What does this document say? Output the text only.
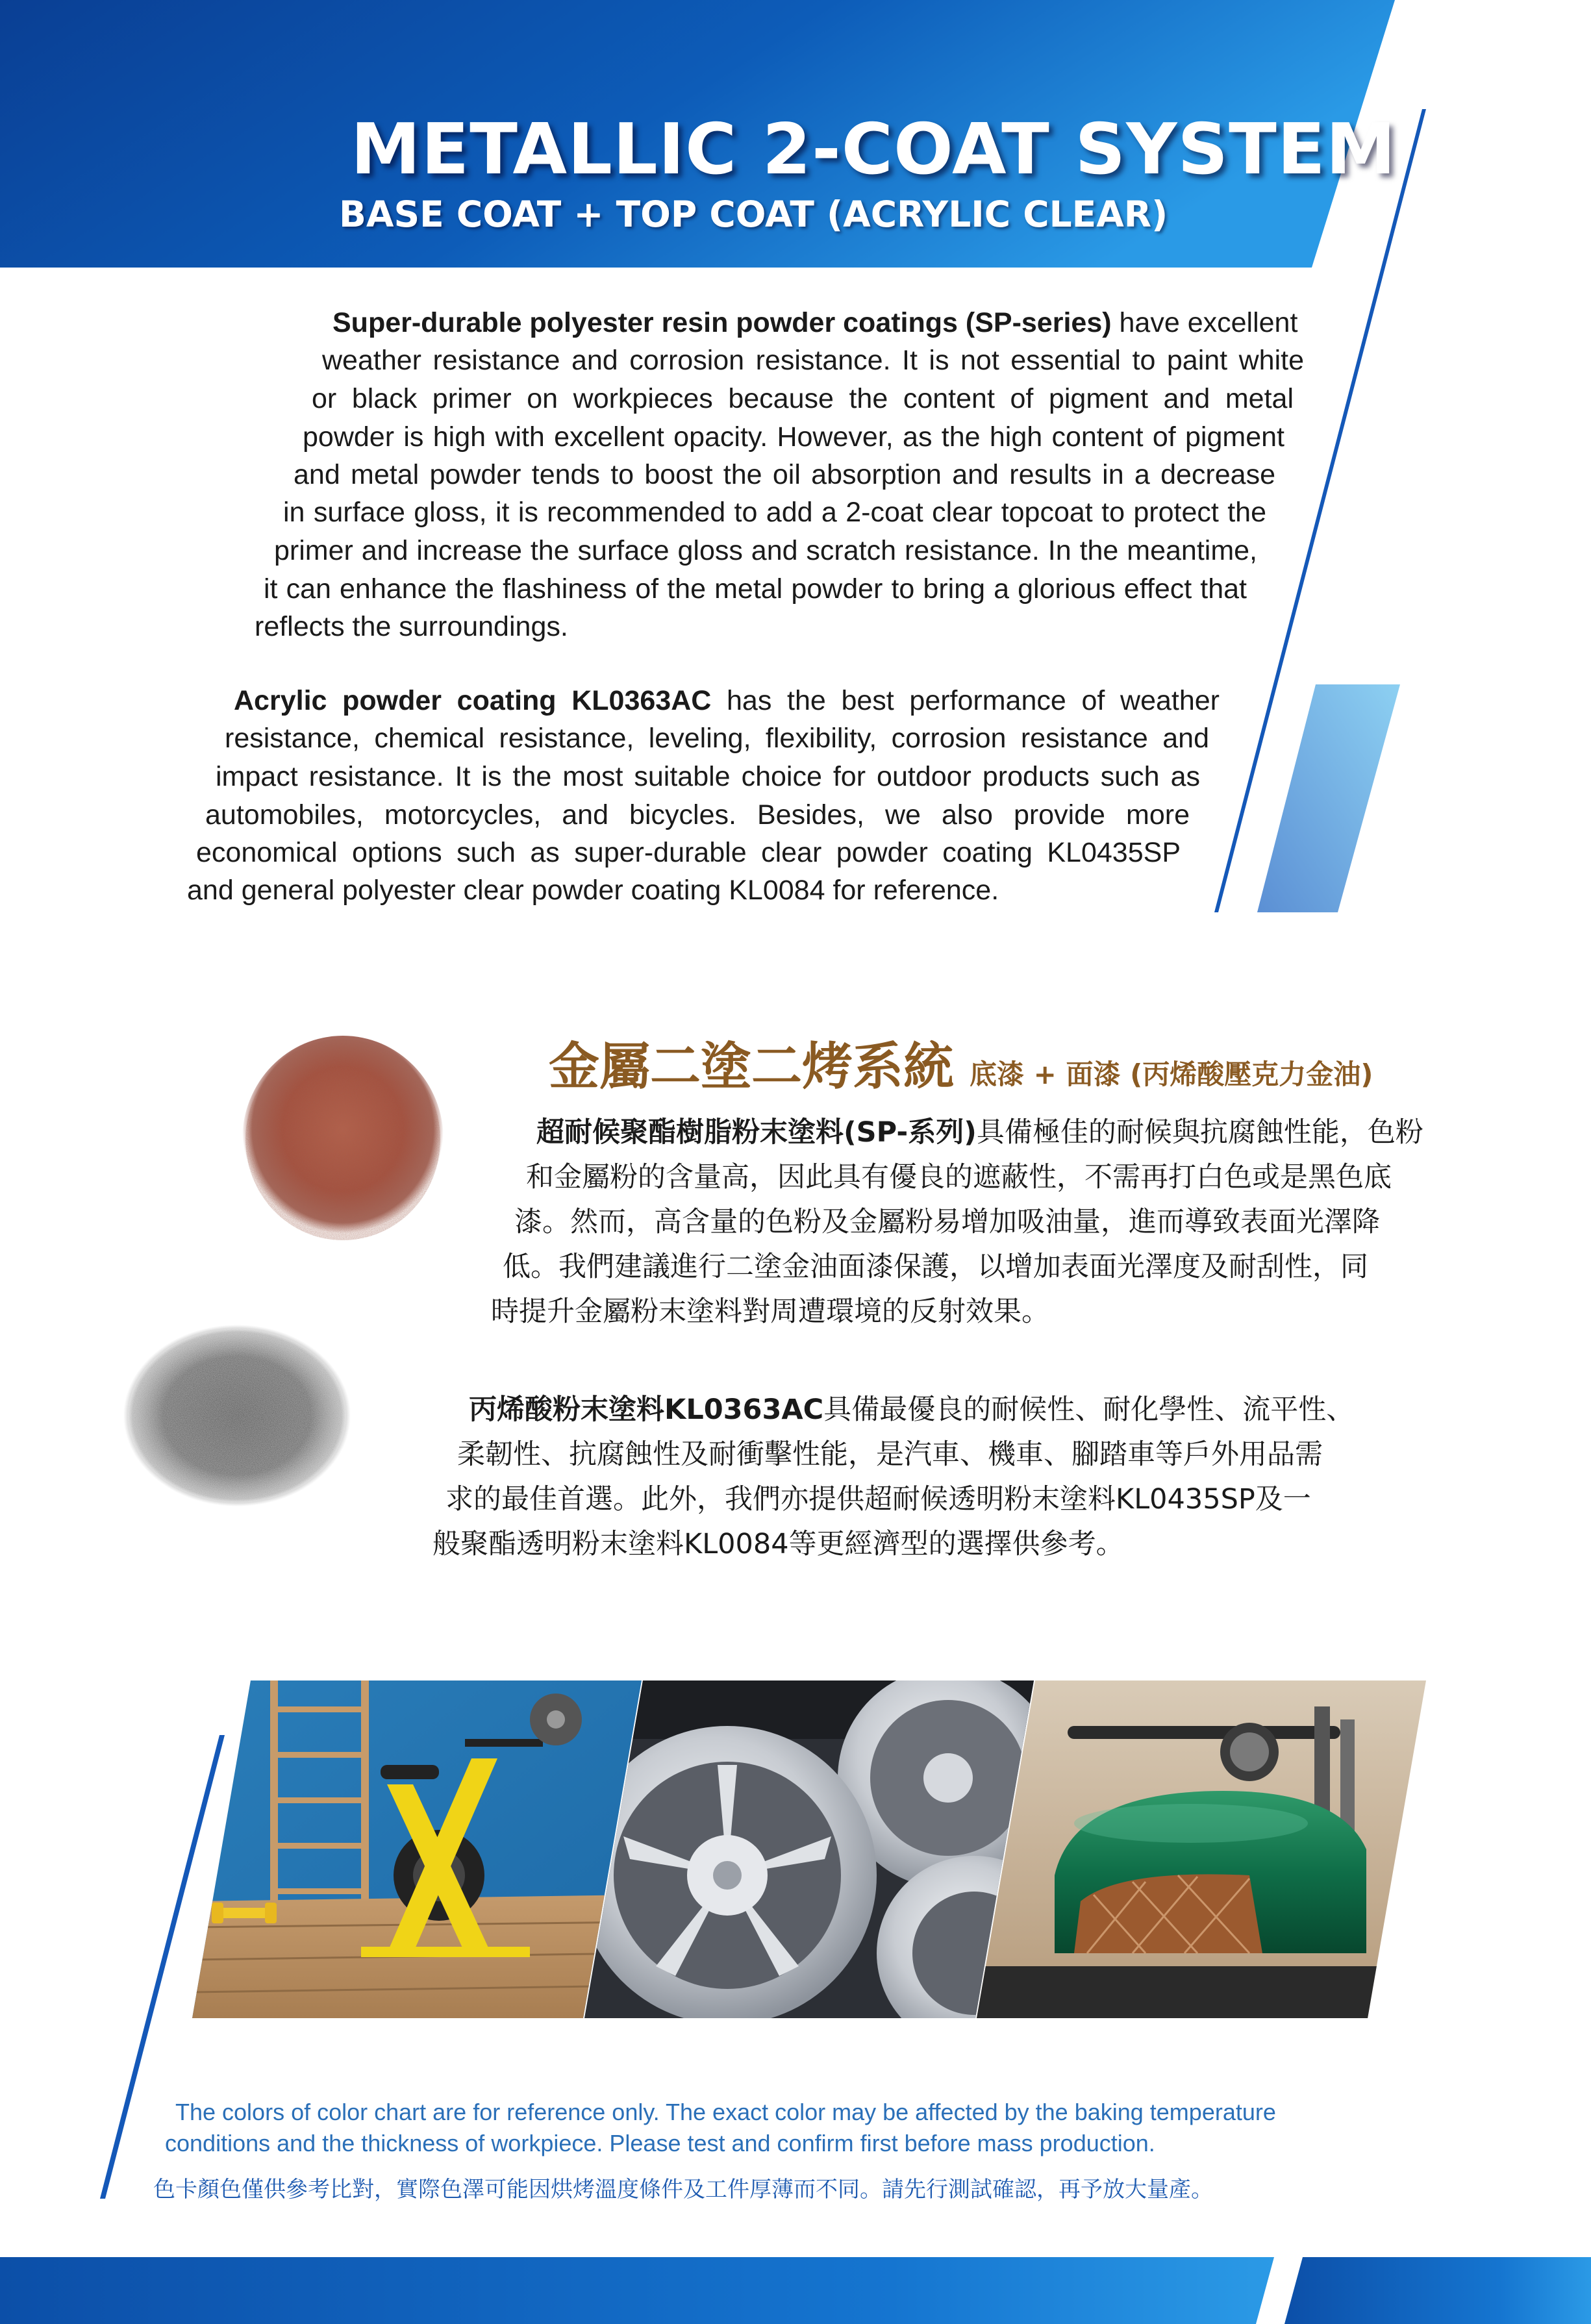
METALLIC 2-COAT SYSTEM
BASE COAT + TOP COAT (ACRYLIC CLEAR)
Super-durable polyester resin powder coatings (SP-series) have excellent
weather resistance and corrosion resistance. It is not essential to paint white
or black primer on workpieces because the content of pigment and metal
powder is high with excellent opacity. However, as the high content of pigment
and metal powder tends to boost the oil absorption and results in a decrease
in surface gloss, it is recommended to add a 2-coat clear topcoat to protect the
primer and increase the surface gloss and scratch resistance. In the meantime,
it can enhance the flashiness of the metal powder to bring a glorious effect that
reflects the surroundings.
Acrylic powder coating KL0363AC has the best performance of weather
resistance, chemical resistance, leveling, flexibility, corrosion resistance and
impact resistance. It is the most suitable choice for outdoor products such as
automobiles, motorcycles, and bicycles. Besides, we also provide more
economical options such as super-durable clear powder coating KL0435SP
and general polyester clear powder coating KL0084 for reference.
金屬二塗二烤系統 底漆 + 面漆 (丙烯酸壓克力金油)
超耐候聚酯樹脂粉末塗料(SP-系列)具備極佳的耐候與抗腐蝕性能，色粉
和金屬粉的含量高，因此具有優良的遮蔽性，不需再打白色或是黑色底
漆。然而，高含量的色粉及金屬粉易增加吸油量，進而導致表面光澤降
低。我們建議進行二塗金油面漆保護，以增加表面光澤度及耐刮性，同
時提升金屬粉末塗料對周遭環境的反射效果。
丙烯酸粉末塗料KL0363AC具備最優良的耐候性、耐化學性、流平性、
柔韌性、抗腐蝕性及耐衝擊性能，是汽車、機車、腳踏車等戶外用品需
求的最佳首選。此外，我們亦提供超耐候透明粉末塗料KL0435SP及一
般聚酯透明粉末塗料KL0084等更經濟型的選擇供參考。
The colors of color chart are for reference only. The exact color may be affected by the baking temperature
conditions and the thickness of workpiece. Please test and confirm first before mass production.
色卡顏色僅供參考比對，實際色澤可能因烘烤溫度條件及工件厚薄而不同。請先行測試確認，再予放大量產。
